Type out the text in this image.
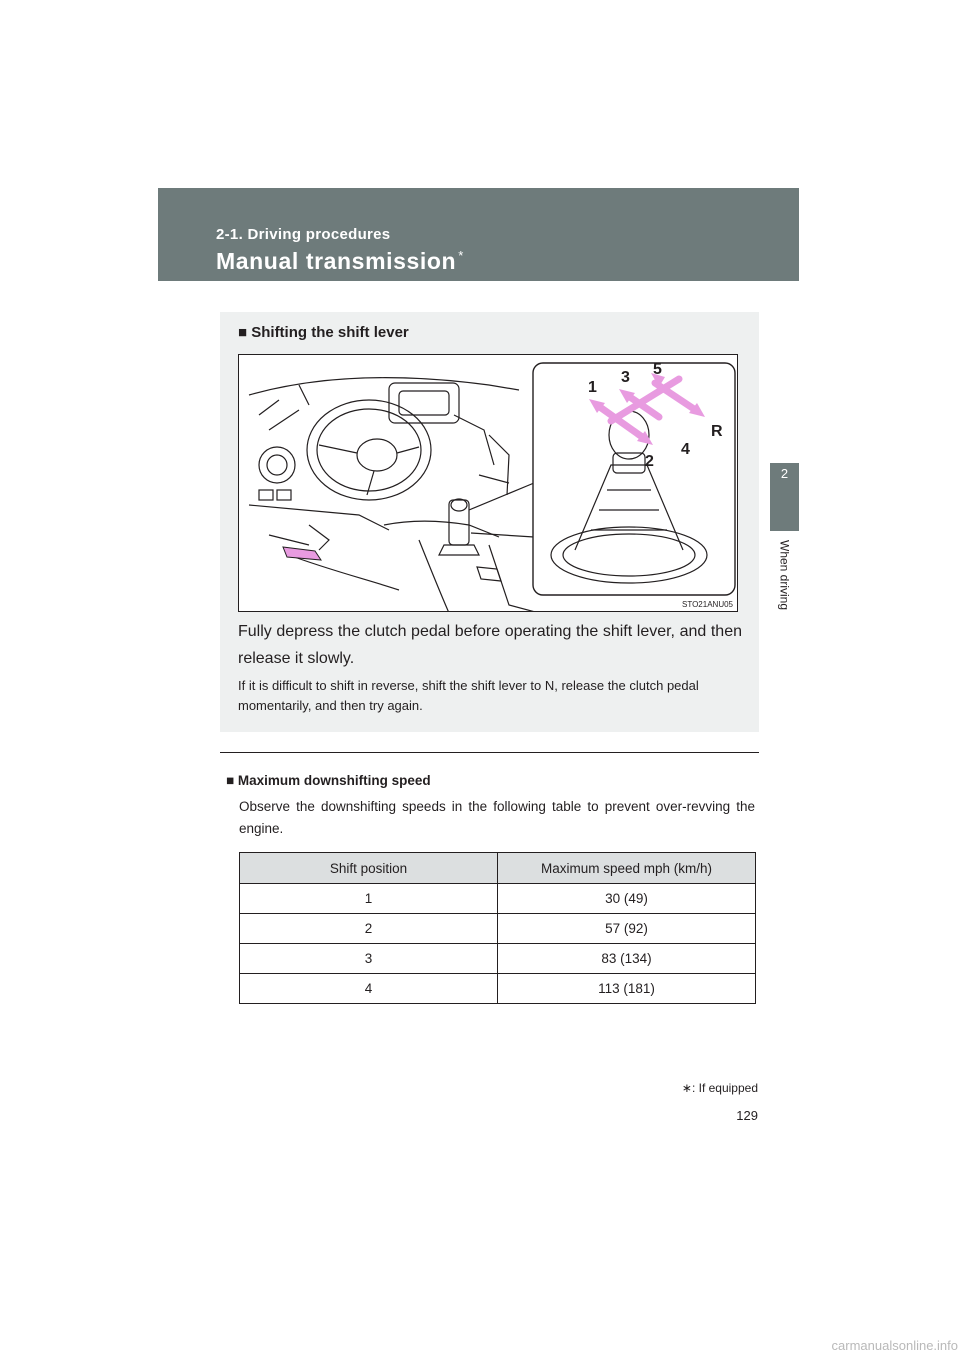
2-1. Driving procedures
Manual transmission *
2
When driving
■ Shifting the shift lever
1
3 5
2
4
R
STO21ANU05
Fully depress the clutch pedal before operating the shift lever, and then release it slowly.
If it is difficult to shift in reverse, shift the shift lever to N, release the clutch pedal momentarily, and then try again.
■ Maximum downshifting speed
Observe the downshifting speeds in the following table to prevent over-revving the engine.
Shift position	Maximum speed mph (km/h)
1	30 (49)
2	57 (92)
3	83 (134)
4	113 (181)
∗: If equipped
129
carmanualsonline.info
